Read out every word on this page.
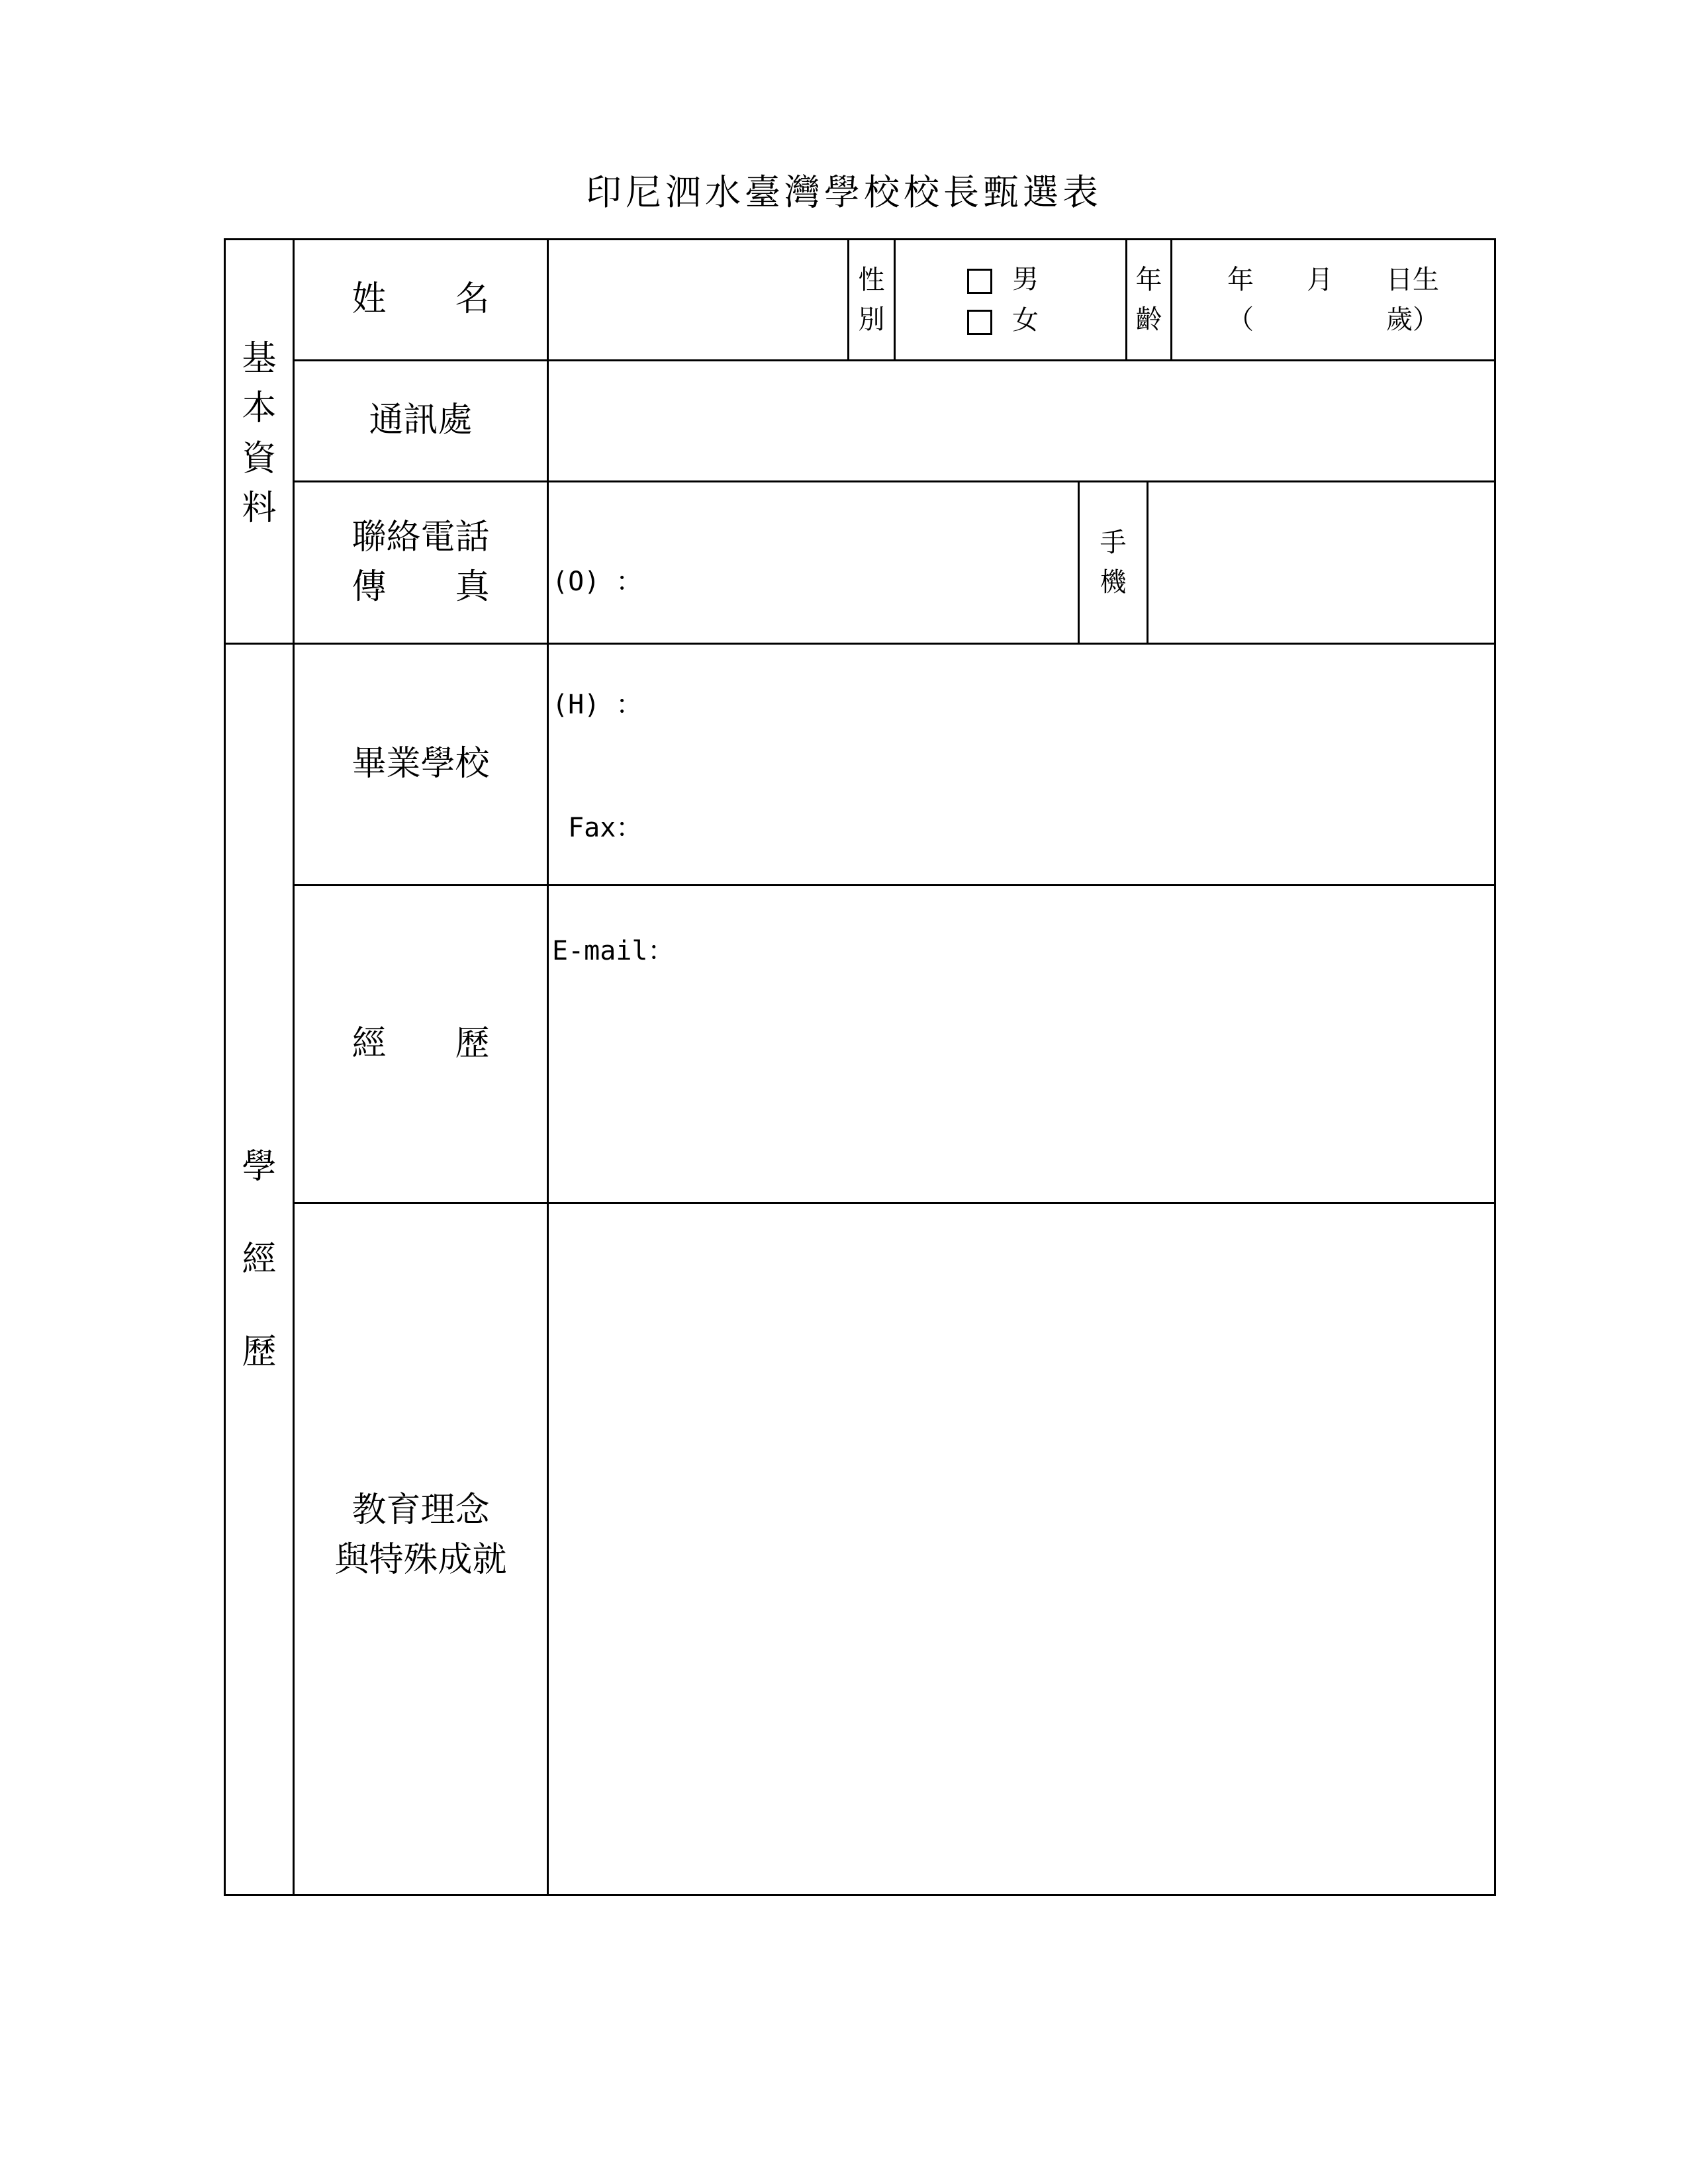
印尼泗水臺灣學校校長甄選表
基
本
資
料
學
經
歷
姓　　名	性
別
男
女
年
齡
年　　月　　日生
（　　　　　歲）
通訊處
聯絡電話
傳　　真

(O) ：

(H) ：

Fax：

E-mail：

手
機
畢業學校
經　　歷
教育理念
與特殊成就
